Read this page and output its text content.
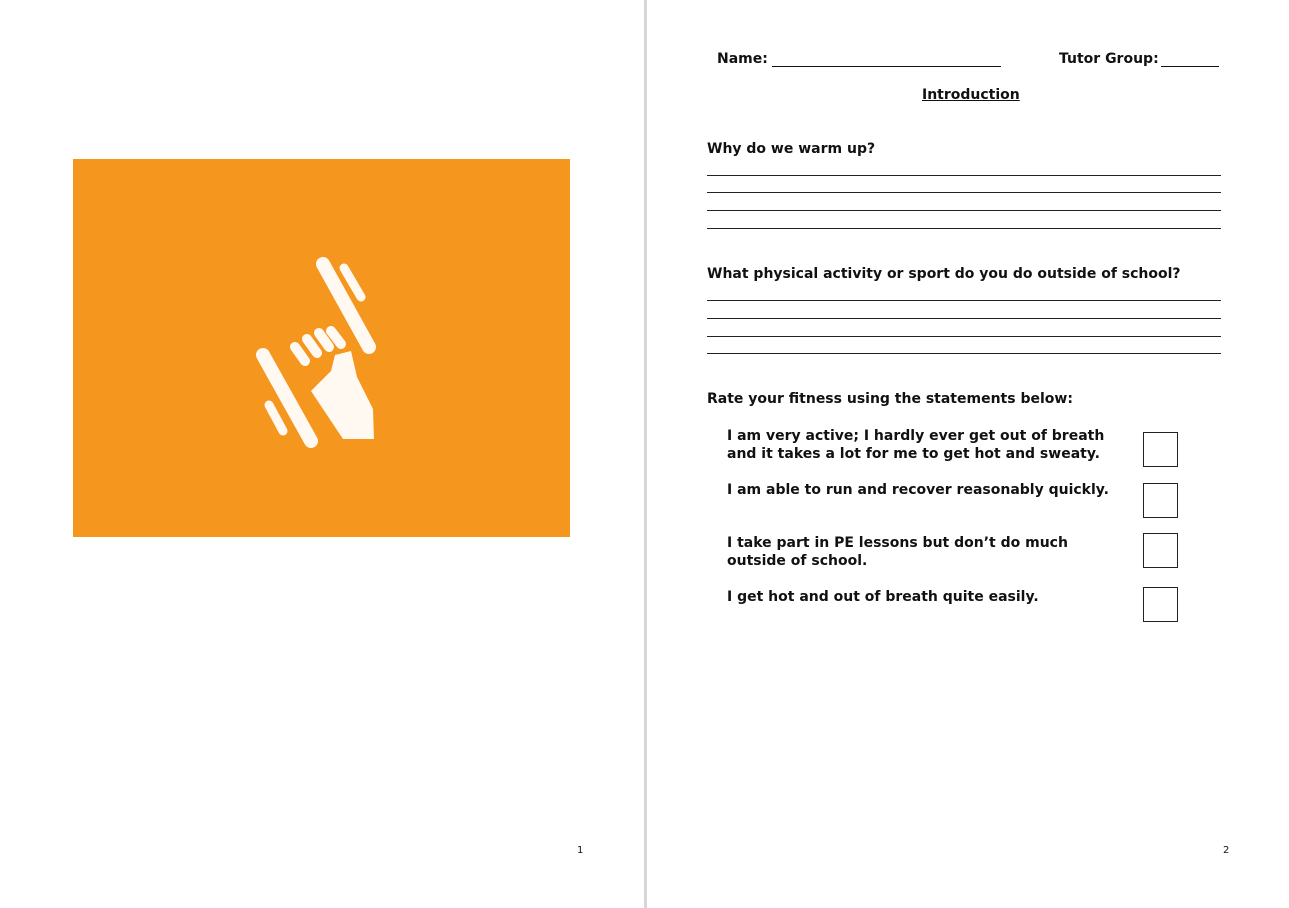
1
Name:	Tutor Group:
Introduction
Why do we warm up?
What physical activity or sport do you do outside of school?
Rate your fitness using the statements below:
I am very active; I hardly ever get out of breath and it takes a lot for me to get hot and sweaty.
I am able to run and recover reasonably quickly.
I take part in PE lessons but don’t do much outside of school.
I get hot and out of breath quite easily.
2
